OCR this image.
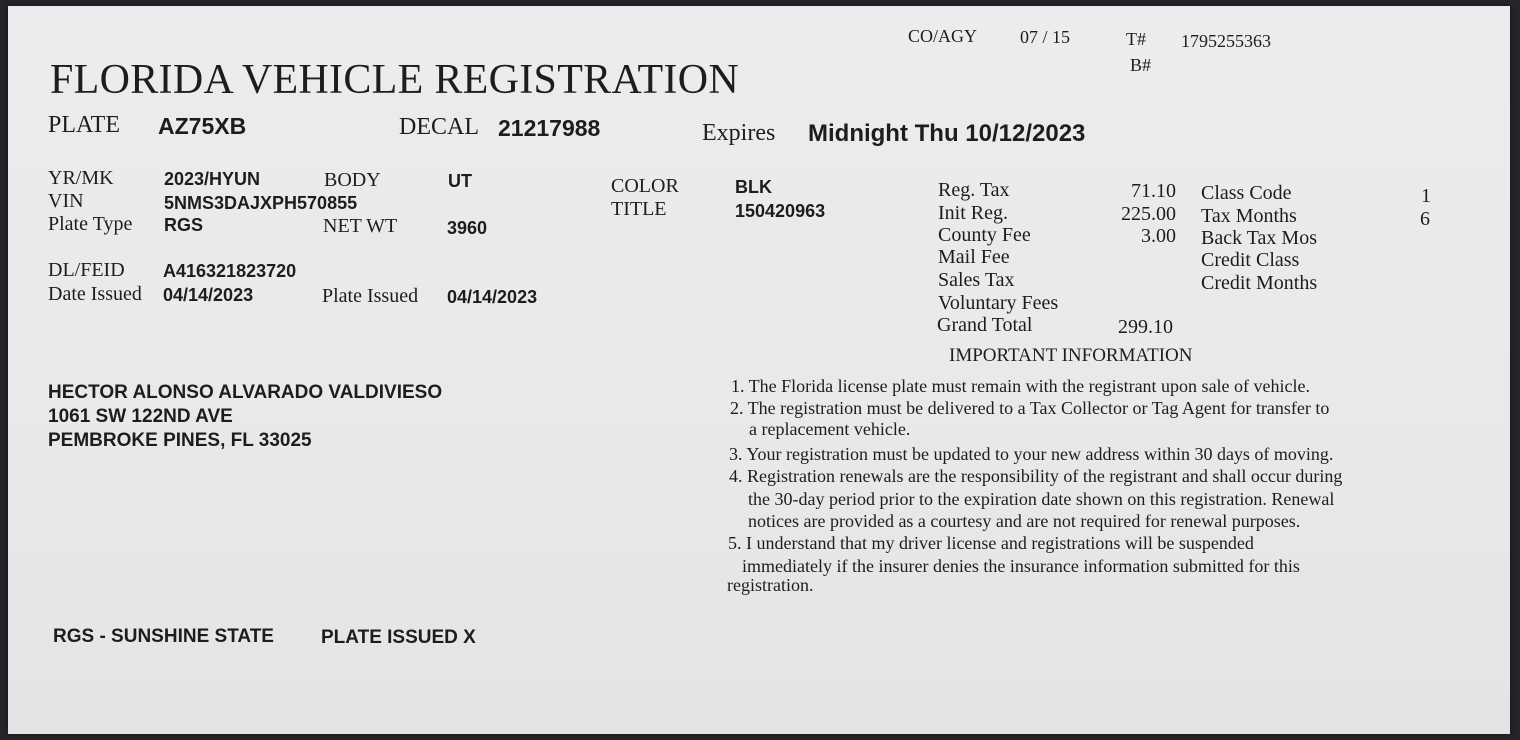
CO/AGY 07 / 15	T# 1795255363
B#
FLORIDA VEHICLE REGISTRATION
PLATE AZ75XB	DECAL 21217988	Expires Midnight Thu 10/12/2023
YR/MK	2023/HYUN	BODY	UT
VIN	5NMS3DAJXPH570855
Plate Type RGS	NET WT	3960
COLOR	BLK
TITLE	150420963
DL/FEID A416321823720
Date Issued 04/14/2023	Plate Issued 04/14/2023
Reg. Tax	71.10
Init Reg.	225.00
County Fee	3.00
Mail Fee
Sales Tax
Voluntary Fees
Grand Total	299.10
Class Code	1
Tax Months	6
Back Tax Mos
Credit Class
Credit Months
HECTOR ALONSO ALVARADO VALDIVIESO
1061 SW 122ND AVE
PEMBROKE PINES, FL 33025
IMPORTANT INFORMATION
1. The Florida license plate must remain with the registrant upon sale of vehicle.
2. The registration must be delivered to a Tax Collector or Tag Agent for transfer to
a replacement vehicle.
3. Your registration must be updated to your new address within 30 days of moving.
4. Registration renewals are the responsibility of the registrant and shall occur during
the 30-day period prior to the expiration date shown on this registration. Renewal
notices are provided as a courtesy and are not required for renewal purposes.
5. I understand that my driver license and registrations will be suspended
immediately if the insurer denies the insurance information submitted for this
registration.
RGS - SUNSHINE STATE PLATE ISSUED X
